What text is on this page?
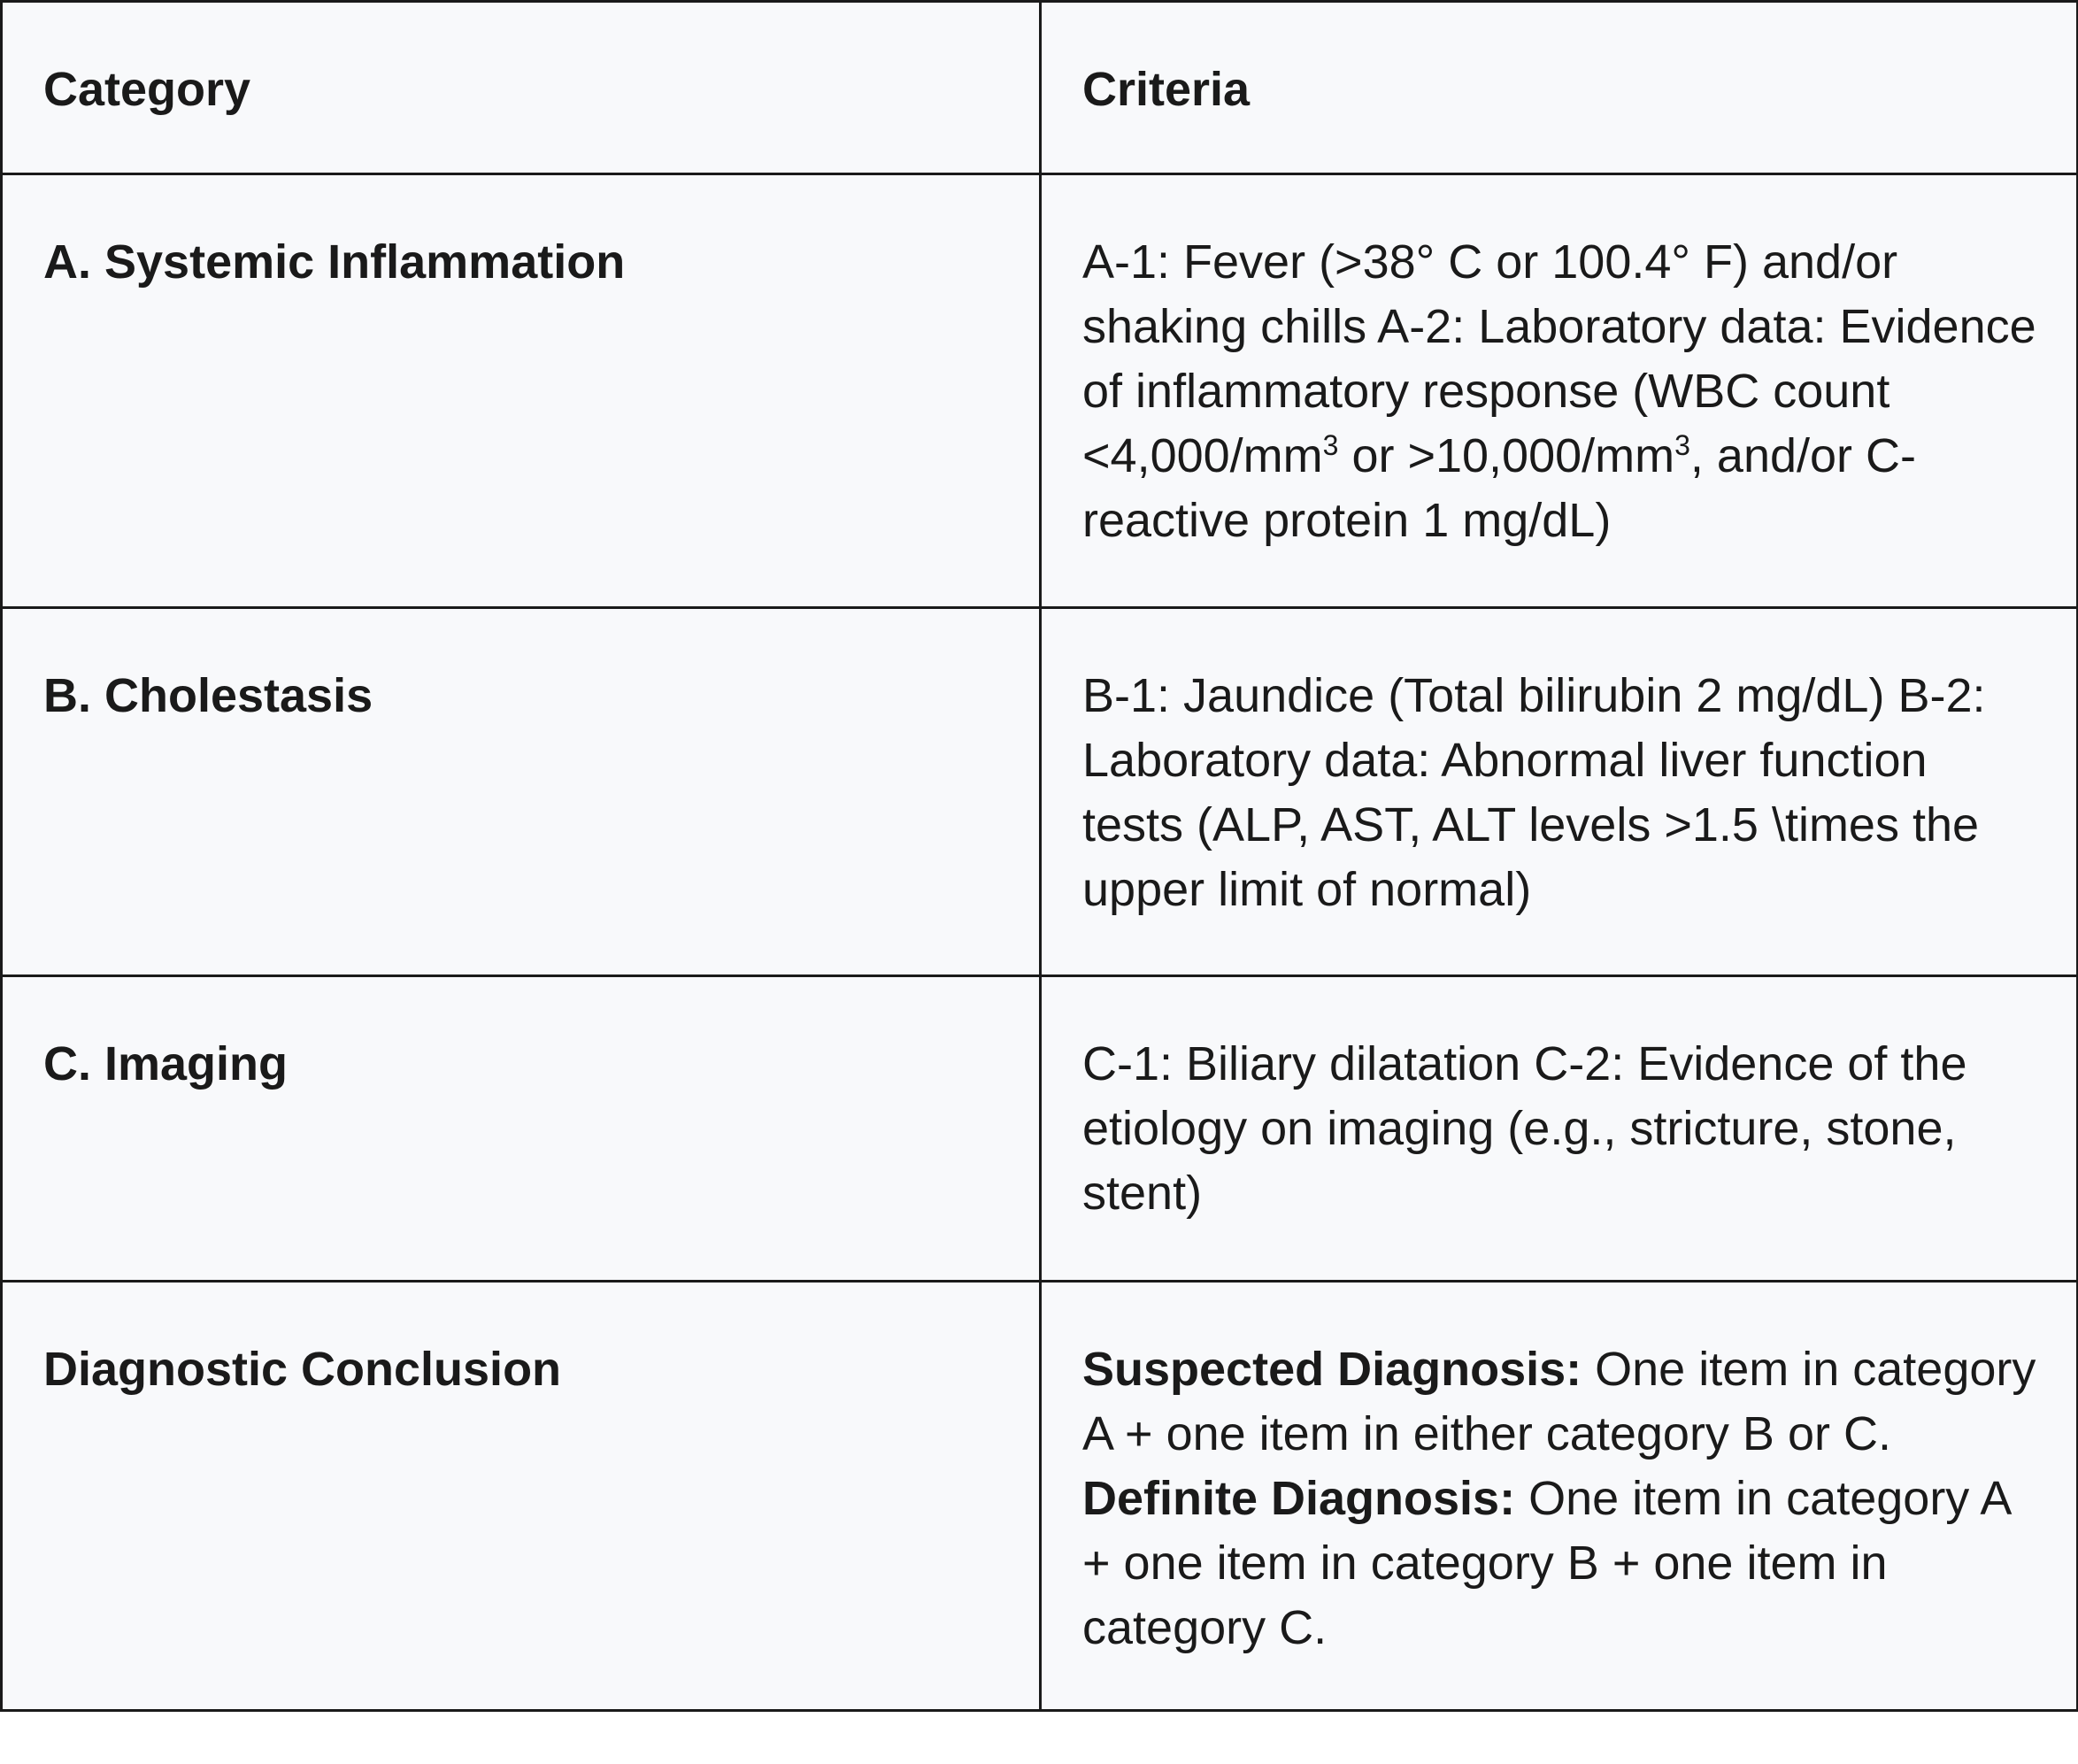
Category	Criteria
A. Systemic Inflammation	A-1: Fever (>38° C or 100.4° F) and/or shaking chills A-2: Laboratory data: Evidence of inflammatory response (WBC count $<4,000/mm^3$ or $>10,000/mm^3$, and/or C-reactive protein 1 mg/dL)
B. Cholestasis	B-1: Jaundice (Total bilirubin 2 mg/dL) B-2: Laboratory data: Abnormal liver function tests (ALP, AST, ALT levels >1.5 \times the upper limit of normal)
C. Imaging	C-1: Biliary dilatation C-2: Evidence of the etiology on imaging (e.g., stricture, stone, stent)
Diagnostic Conclusion	Suspected Diagnosis: One item in category A + one item in either category B or C. Definite Diagnosis: One item in category A + one item in category B + one item in category C.
